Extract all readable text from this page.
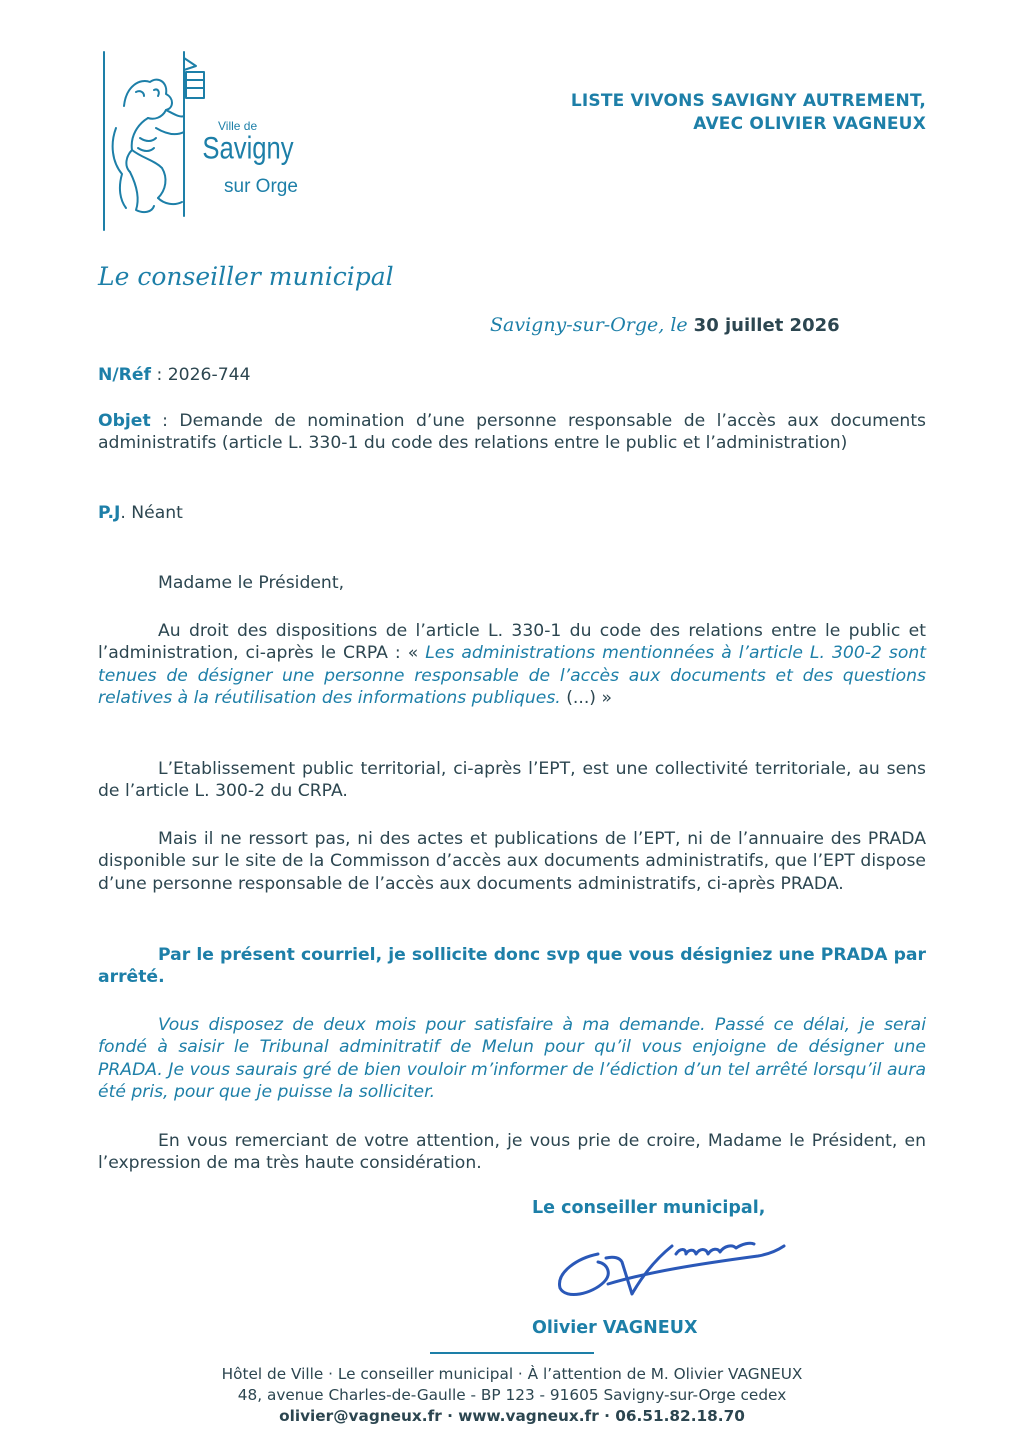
Ville de
Savigny
sur Orge
LISTE VIVONS SAVIGNY AUTREMENT,
AVEC OLIVIER VAGNEUX
Le conseiller municipal
Savigny-sur-Orge, le 30 juillet 2026
N/Réf : 2026-744
Objet : Demande de nomination d’une personne responsable de l’accès aux documents administratifs (article L. 330-1 du code des relations entre le public et l’administration)
P.J. Néant
Madame le Président,
Au droit des dispositions de l’article L. 330-1 du code des relations entre le public et l’administration, ci-après le CRPA : « Les administrations mentionnées à l’article L. 300-2 sont tenues de désigner une personne responsable de l’accès aux documents et des questions relatives à la réutilisation des informations publiques. (...) »
L’Etablissement public territorial, ci-après l’EPT, est une collectivité territoriale, au sens de l’article L. 300-2 du CRPA.
Mais il ne ressort pas, ni des actes et publications de l’EPT, ni de l’annuaire des PRADA disponible sur le site de la Commisson d’accès aux documents administratifs, que l’EPT dispose d’une personne responsable de l’accès aux documents administratifs, ci-après PRADA.
Par le présent courriel, je sollicite donc svp que vous désigniez une PRADA par arrêté.
Vous disposez de deux mois pour satisfaire à ma demande. Passé ce délai, je serai fondé à saisir le Tribunal adminitratif de Melun pour qu’il vous enjoigne de désigner une PRADA. Je vous saurais gré de bien vouloir m’informer de l’édiction d’un tel arrêté lorsqu’il aura été pris, pour que je puisse la solliciter.
En vous remerciant de votre attention, je vous prie de croire, Madame le Président, en l’expression de ma très haute considération.
Le conseiller municipal,
Olivier VAGNEUX
Hôtel de Ville · Le conseiller municipal · À l’attention de M. Olivier VAGNEUX
48, avenue Charles-de-Gaulle - BP 123 - 91605 Savigny-sur-Orge cedex
olivier@vagneux.fr · www.vagneux.fr · 06.51.82.18.70
